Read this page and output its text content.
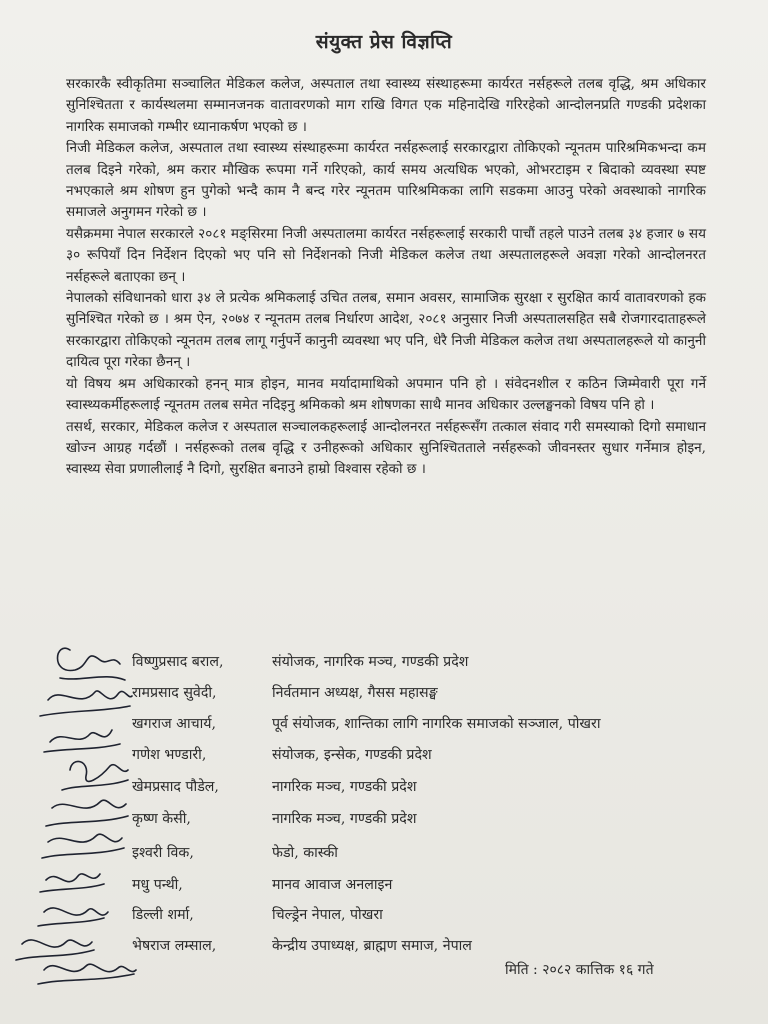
संयुक्त प्रेस विज्ञप्ति

सरकारकै स्वीकृतिमा सञ्चालित मेडिकल कलेज, अस्पताल तथा स्वास्थ्य संस्थाहरूमा कार्यरत नर्सहरूले तलब वृद्धि, श्रम अधिकार सुनिश्चितता र कार्यस्थलमा सम्मानजनक वातावरणको माग राखि विगत एक महिनादेखि गरिरहेको आन्दोलनप्रति गण्डकी प्रदेशका नागरिक समाजको गम्भीर ध्यानाकर्षण भएको छ ।

निजी मेडिकल कलेज, अस्पताल तथा स्वास्थ्य संस्थाहरूमा कार्यरत नर्सहरूलाई सरकारद्वारा तोकिएको न्यूनतम पारिश्रमिकभन्दा कम तलब दिइने गरेको, श्रम करार मौखिक रूपमा गर्ने गरिएको, कार्य समय अत्यधिक भएको, ओभरटाइम र बिदाको व्यवस्था स्पष्ट नभएकाले श्रम शोषण हुन पुगेको भन्दै काम नै बन्द गरेर न्यूनतम पारिश्रमिकका लागि सडकमा आउनु परेको अवस्थाको नागरिक समाजले अनुगमन गरेको छ ।

यसैक्रममा नेपाल सरकारले २०८१ मङ्सिरमा निजी अस्पतालमा कार्यरत नर्सहरूलाई सरकारी पाचौं तहले पाउने तलब ३४ हजार ७ सय ३० रूपियाँ दिन निर्देशन दिएको भए पनि सो निर्देशनको निजी मेडिकल कलेज तथा अस्पतालहरूले अवज्ञा गरेको आन्दोलनरत नर्सहरूले बताएका छन् ।

नेपालको संविधानको धारा ३४ ले प्रत्येक श्रमिकलाई उचित तलब, समान अवसर, सामाजिक सुरक्षा र सुरक्षित कार्य वातावरणको हक सुनिश्चित गरेको छ । श्रम ऐन, २०७४ र न्यूनतम तलब निर्धारण आदेश, २०८१ अनुसार निजी अस्पतालसहित सबै रोजगारदाताहरूले सरकारद्वारा तोकिएको न्यूनतम तलब लागू गर्नुपर्ने कानुनी व्यवस्था भए पनि, धेरै निजी मेडिकल कलेज तथा अस्पतालहरूले यो कानुनी दायित्व पूरा गरेका छैनन् ।

यो विषय श्रम अधिकारको हनन् मात्र होइन, मानव मर्यादामाथिको अपमान पनि हो । संवेदनशील र कठिन जिम्मेवारी पूरा गर्ने स्वास्थ्यकर्मीहरूलाई न्यूनतम तलब समेत नदिइनु श्रमिकको श्रम शोषणका साथै मानव अधिकार उल्लङ्घनको विषय पनि हो ।

तसर्थ, सरकार, मेडिकल कलेज र अस्पताल सञ्चालकहरूलाई आन्दोलनरत नर्सहरूसँग तत्काल संवाद गरी समस्याको दिगो समाधान खोज्न आग्रह गर्दछौं । नर्सहरूको तलब वृद्धि र उनीहरूको अधिकार सुनिश्चितताले नर्सहरूको जीवनस्तर सुधार गर्नेमात्र होइन, स्वास्थ्य सेवा प्रणालीलाई नै दिगो, सुरक्षित बनाउने हाम्रो विश्वास रहेको छ ।

विष्णुप्रसाद बराल,	संयोजक, नागरिक मञ्च, गण्डकी प्रदेश
रामप्रसाद सुवेदी,	निर्वतमान अध्यक्ष, गैसस महासङ्घ
खगराज आचार्य,	पूर्व संयोजक, शान्तिका लागि नागरिक समाजको सञ्जाल, पोखरा
गणेश भण्डारी,	संयोजक, इन्सेक, गण्डकी प्रदेश
खेमप्रसाद पौडेल,	नागरिक मञ्च, गण्डकी प्रदेश
कृष्ण केसी,	नागरिक मञ्च, गण्डकी प्रदेश
इश्वरी विक,	फेडो, कास्की
मधु पन्थी,	मानव आवाज अनलाइन
डिल्ली शर्मा,	चिल्ड्रेन नेपाल, पोखरा
भेषराज लम्साल,	केन्द्रीय उपाध्यक्ष, ब्राह्मण समाज, नेपाल
मिति : २०८२ कात्तिक १६ गते
